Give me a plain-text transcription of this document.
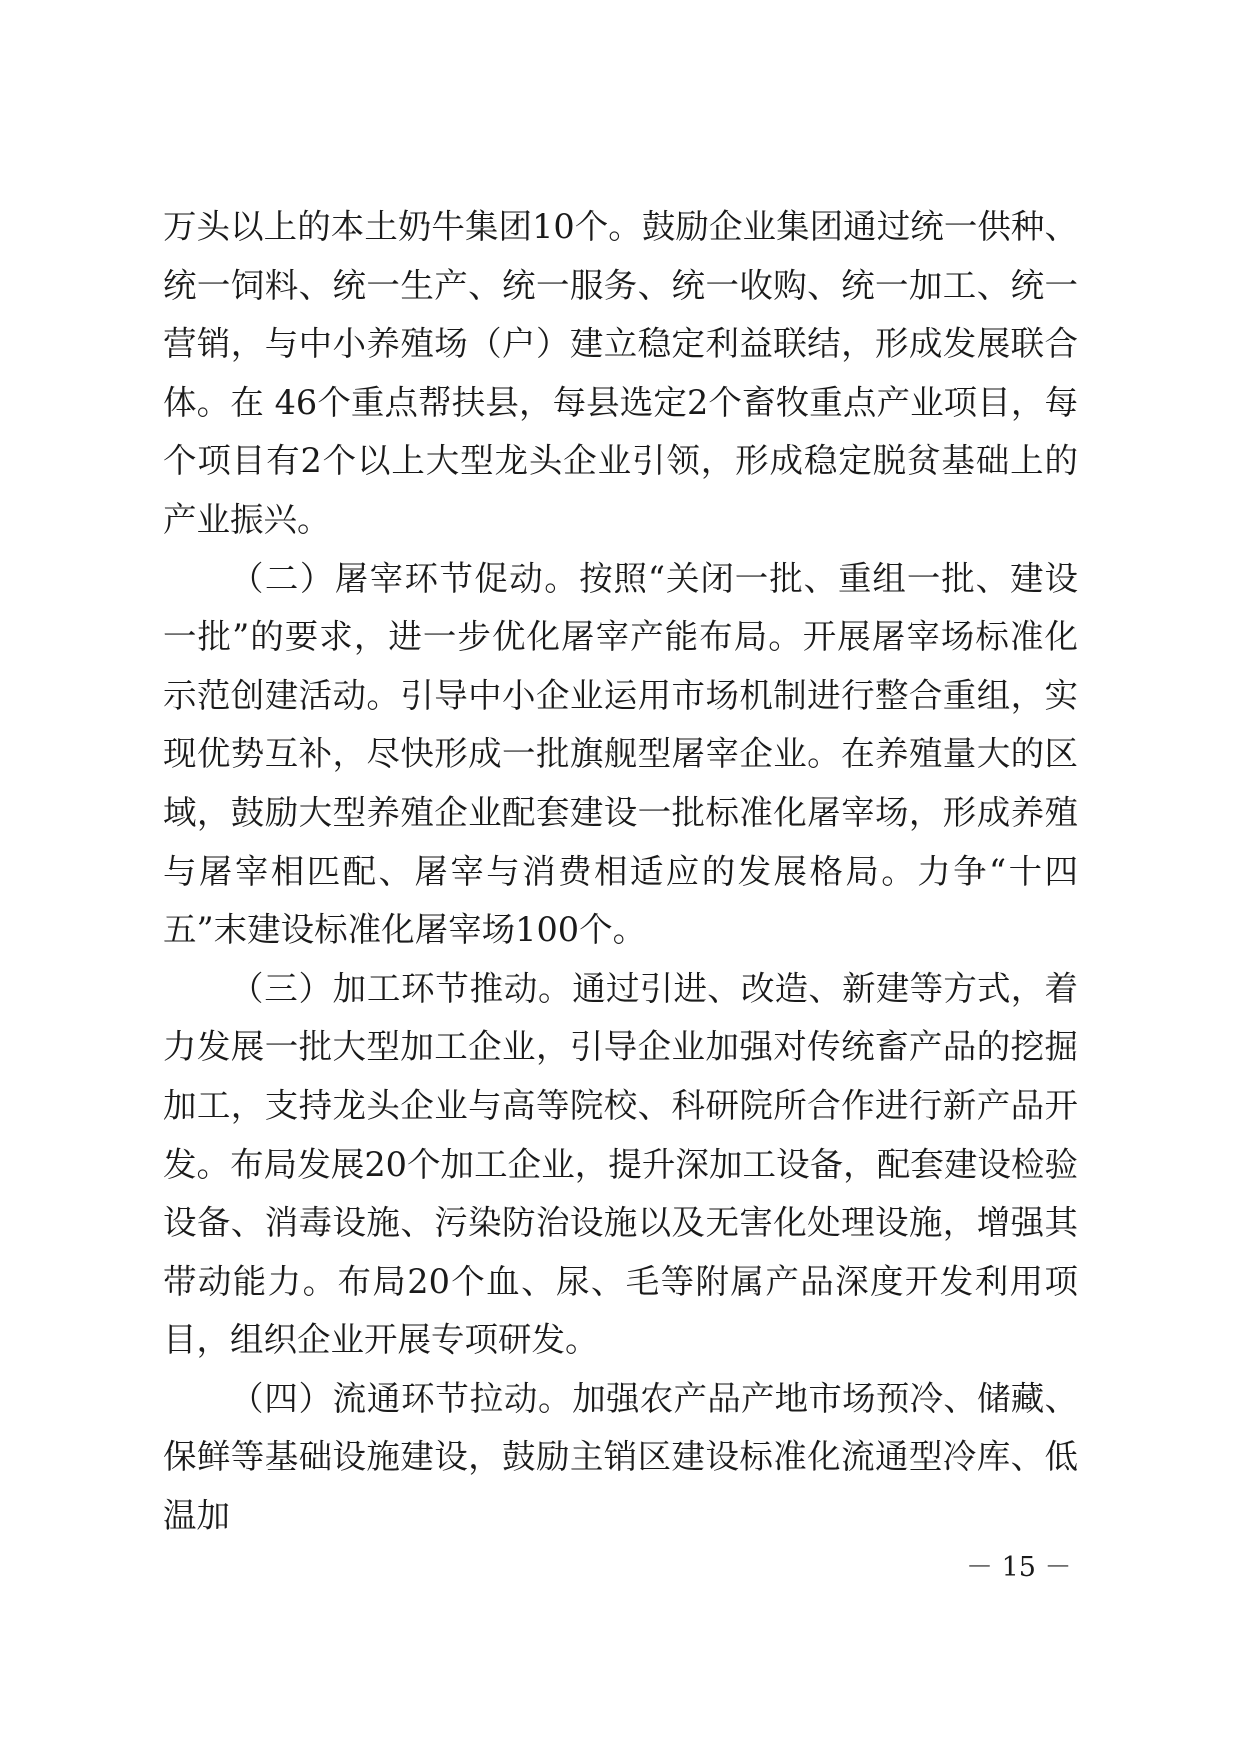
万头以上的本土奶牛集团10个。鼓励企业集团通过统一供种、统一饲料、统一生产、统一服务、统一收购、统一加工、统一营销，与中小养殖场（户）建立稳定利益联结，形成发展联合体。在 46个重点帮扶县，每县选定2个畜牧重点产业项目，每个项目有2个以上大型龙头企业引领，形成稳定脱贫基础上的产业振兴。

（二）屠宰环节促动。按照“关闭一批、重组一批、建设一批”的要求，进一步优化屠宰产能布局。开展屠宰场标准化示范创建活动。引导中小企业运用市场机制进行整合重组，实现优势互补，尽快形成一批旗舰型屠宰企业。在养殖量大的区域，鼓励大型养殖企业配套建设一批标准化屠宰场，形成养殖与屠宰相匹配、屠宰与消费相适应的发展格局。力争“十四五”末建设标准化屠宰场100个。

（三）加工环节推动。通过引进、改造、新建等方式，着力发展一批大型加工企业，引导企业加强对传统畜产品的挖掘加工，支持龙头企业与高等院校、科研院所合作进行新产品开发。布局发展20个加工企业，提升深加工设备，配套建设检验设备、消毒设施、污染防治设施以及无害化处理设施，增强其带动能力。布局20个血、尿、毛等附属产品深度开发利用项目，组织企业开展专项研发。

（四）流通环节拉动。加强农产品产地市场预冷、储藏、保鲜等基础设施建设，鼓励主销区建设标准化流通型冷库、低温加

－ 15 －
